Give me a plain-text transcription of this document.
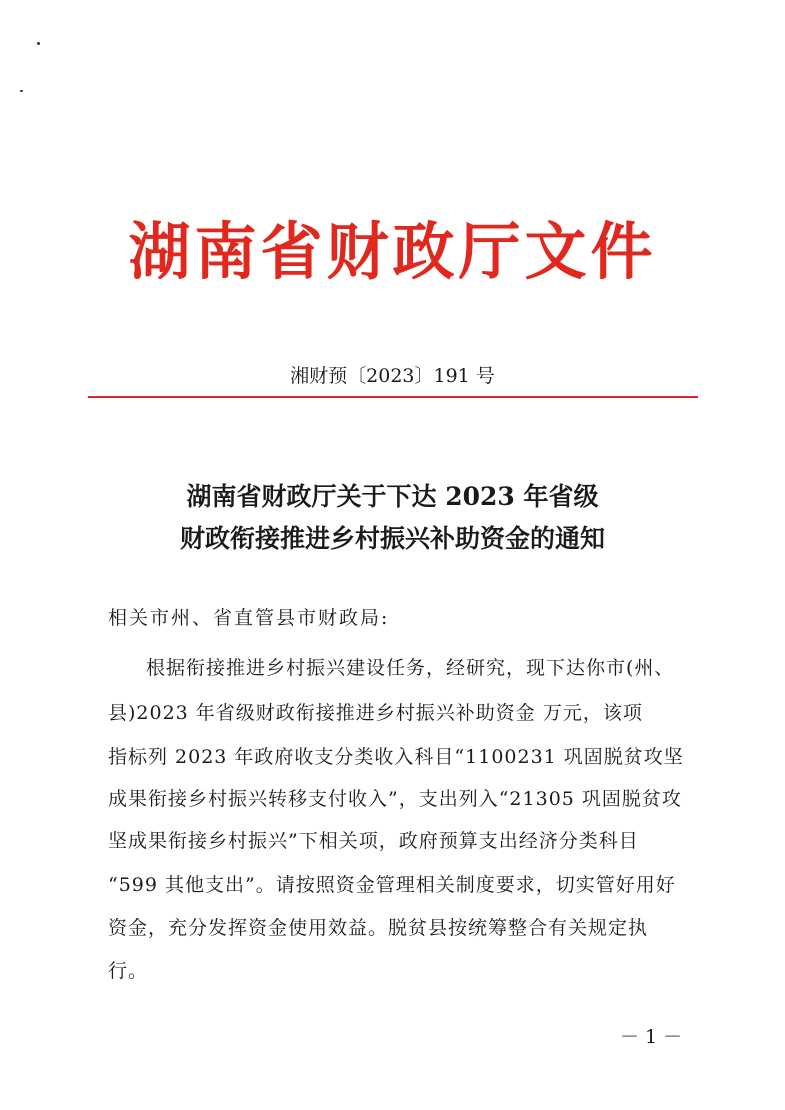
湖南省财政厅文件
湘财预〔2023〕191 号
湖南省财政厅关于下达 2023 年省级
财政衔接推进乡村振兴补助资金的通知
相关市州、省直管县市财政局:
根据衔接推进乡村振兴建设任务，经研究，现下达你市(州、
县)2023 年省级财政衔接推进乡村振兴补助资金 万元，该项
指标列 2023 年政府收支分类收入科目“1100231 巩固脱贫攻坚
成果衔接乡村振兴转移支付收入”，支出列入“21305 巩固脱贫攻
坚成果衔接乡村振兴”下相关项，政府预算支出经济分类科目
“599 其他支出”。请按照资金管理相关制度要求，切实管好用好
资金，充分发挥资金使用效益。脱贫县按统筹整合有关规定执
行。
－ 1 －
